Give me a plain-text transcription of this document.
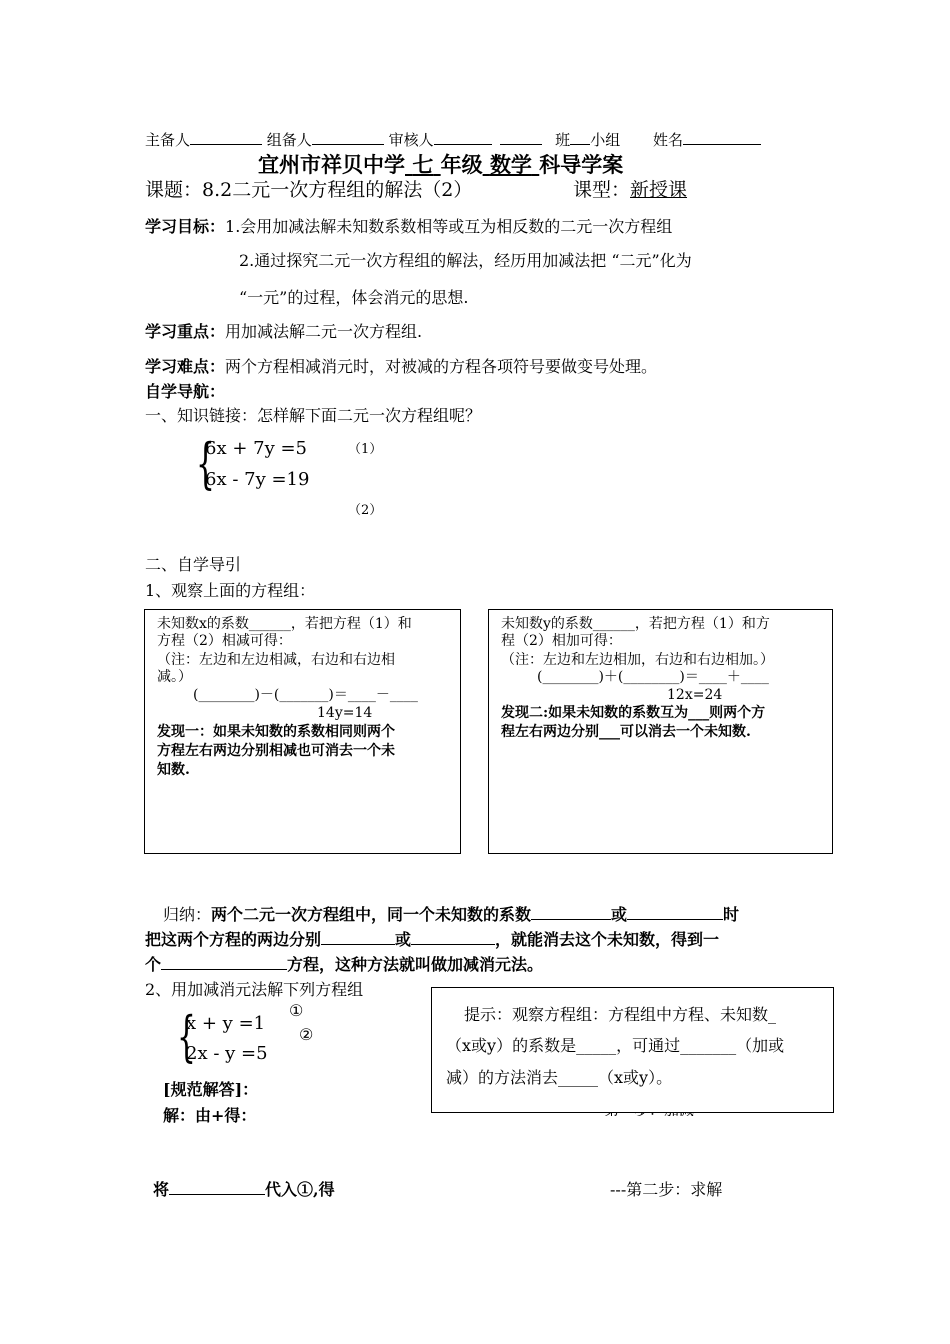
主备人	组备人	审核人	班 小组 姓名
宜州市祥贝中学 七 年级 数学 科导学案
课题：8.2二元一次方程组的解法（2）	课型：新授课
学习目标：1.会用加减法解未知数系数相等或互为相反数的二元一次方程组
2.通过探究二元一次方程组的解法，经历用加减法把 “二元”化为
“一元”的过程，体会消元的思想.
学习重点：用加减法解二元一次方程组.
学习难点：两个方程相减消元时，对被减的方程各项符号要做变号处理。
自学导航：
一、知识链接：怎样解下面二元一次方程组呢？
{
6x + 7y =5
6x - 7y =19
（1）
（2）
二、自学导引
1、观察上面的方程组：
未知数x的系数______，若把方程（1）和
方程（2）相减可得：
（注：左边和左边相减，右边和右边相
减。）
(________)－(_______)＝____－____
14y=14
发现一：如果未知数的系数相同则两个
方程左右两边分别相减也可消去一个未
知数.
未知数y的系数______，若把方程（1）和方
程（2）相加可得：
（注：左边和左边相加，右边和右边相加。）
(________)＋(________)＝____＋____
12x=24
发现二:如果未知数的系数互为___则两个方
程左右两边分别___可以消去一个未知数.
归纳：两个二元一次方程组中，同一个未知数的系数	或	时
把这两个方程的两边分别	或	，就能消去这个未知数，得到一
个	方程，这种方法就叫做加减消元法。
2、用加减消元法解下列方程组
{
x + y =1
2x - y =5
①
②
提示：观察方程组：方程组中方程、未知数_
（x或y）的系数是_____，可通过_______（加或
减）的方法消去_____（x或y）。
[规范解答]：
解：由+得：
将	代入①,得	---第二步：求解
